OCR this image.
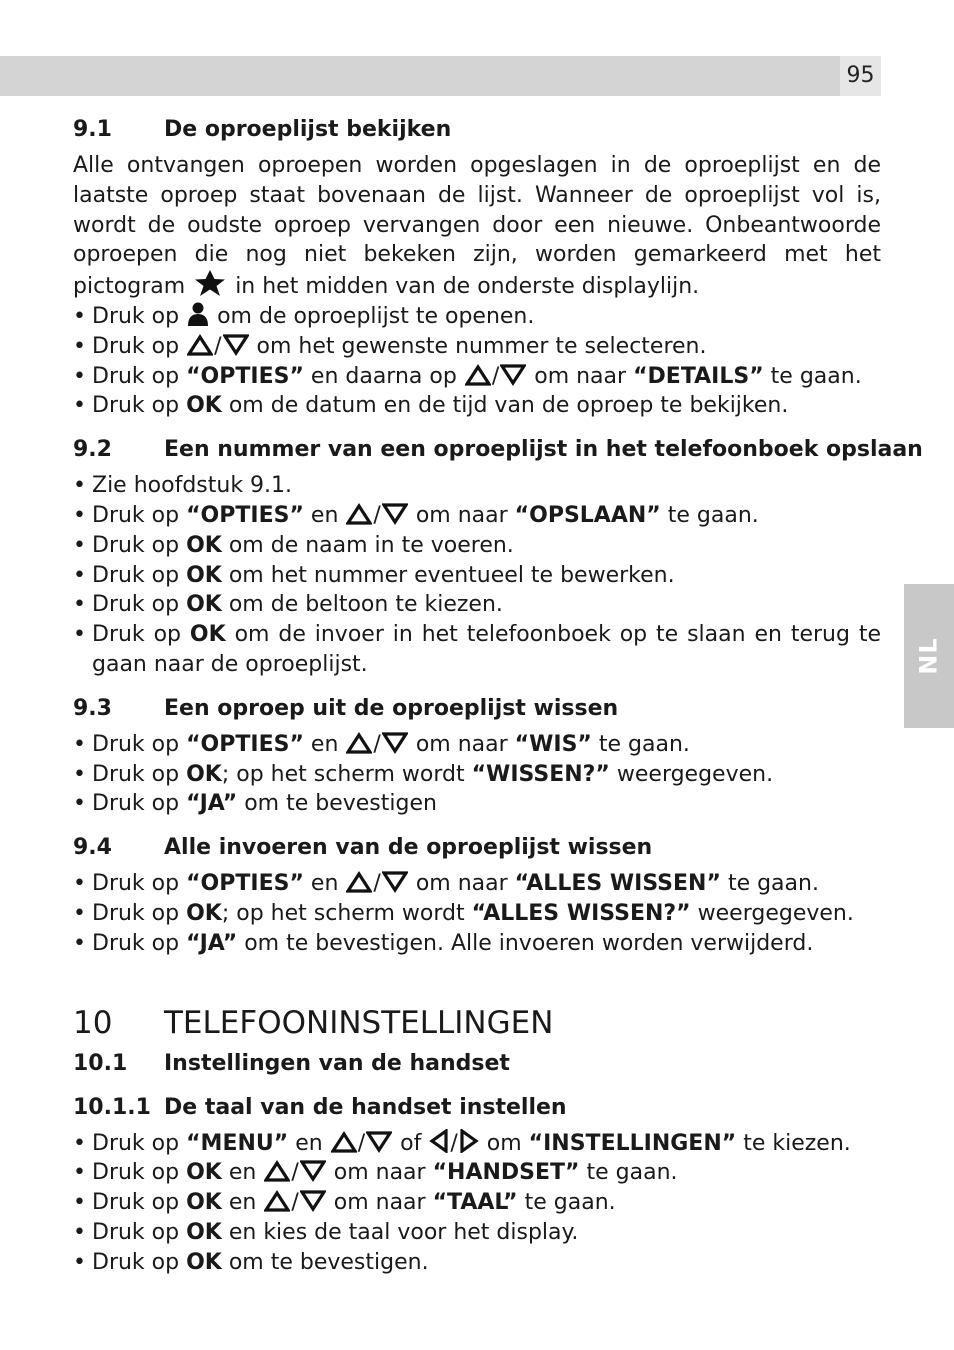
95
NL
9.1	De oproeplijst bekijken

Alle ontvangen oproepen worden opgeslagen in de oproeplijst en de laatste oproep staat bovenaan de lijst. Wanneer de oproeplijst vol is, wordt de oudste oproep vervangen door een nieuwe. Onbeantwoorde oproepen die nog niet bekeken zijn, worden gemarkeerd met het pictogram in het midden van de onderste displaylijn.

• Druk op om de oproeplijst te openen.
• Druk op / om het gewenste nummer te selecteren.
• Druk op “OPTIES” en daarna op / om naar “DETAILS” te gaan.
• Druk op OK om de datum en de tijd van de oproep te bekijken.
9.2	Een nummer van een oproeplijst in het telefoonboek opslaan
• Zie hoofdstuk 9.1.
• Druk op “OPTIES” en / om naar “OPSLAAN” te gaan.
• Druk op OK om de naam in te voeren.
• Druk op OK om het nummer eventueel te bewerken.
• Druk op OK om de beltoon te kiezen.
• Druk op OK om de invoer in het telefoonboek op te slaan en terug te gaan naar de oproeplijst.
9.3	Een oproep uit de oproeplijst wissen
• Druk op “OPTIES” en / om naar “WIS” te gaan.
• Druk op OK; op het scherm wordt “WISSEN?” weergegeven.
• Druk op “JA” om te bevestigen
9.4	Alle invoeren van de oproeplijst wissen
• Druk op “OPTIES” en / om naar “ALLES WISSEN” te gaan.
• Druk op OK; op het scherm wordt “ALLES WISSEN?” weergegeven.
• Druk op “JA” om te bevestigen. Alle invoeren worden verwijderd.
10	TELEFOONINSTELLINGEN
10.1	Instellingen van de handset
10.1.1 De taal van de handset instellen
• Druk op “MENU” en / of / om “INSTELLINGEN” te kiezen.
• Druk op OK en / om naar “HANDSET” te gaan.
• Druk op OK en / om naar “TAAL” te gaan.
• Druk op OK en kies de taal voor het display.
• Druk op OK om te bevestigen.
